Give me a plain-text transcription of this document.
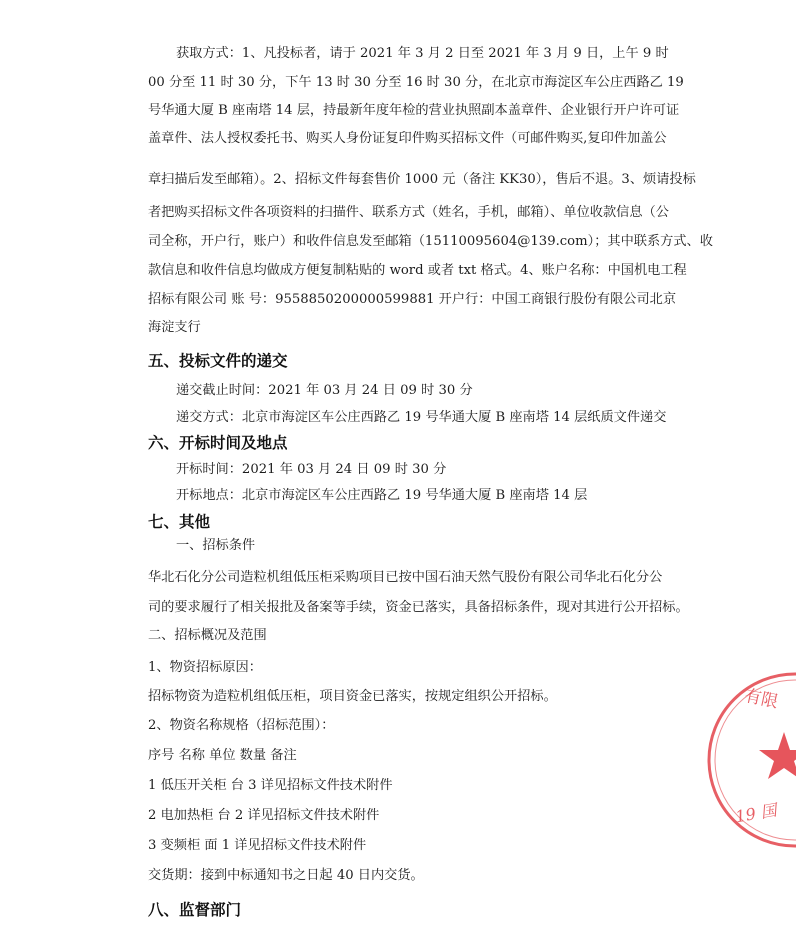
获取方式：1、凡投标者，请于 2021 年 3 月 2 日至 2021 年 3 月 9 日，上午 9 时
00 分至 11 时 30 分，下午 13 时 30 分至 16 时 30 分，在北京市海淀区车公庄西路乙 19
号华通大厦 B 座南塔 14 层，持最新年度年检的营业执照副本盖章件、企业银行开户许可证
盖章件、法人授权委托书、购买人身份证复印件购买招标文件（可邮件购买,复印件加盖公
章扫描后发至邮箱）。2、招标文件每套售价 1000 元（备注 KK30），售后不退。3、烦请投标
者把购买招标文件各项资料的扫描件、联系方式（姓名，手机，邮箱）、单位收款信息（公
司全称，开户行，账户）和收件信息发至邮箱（15110095604@139.com）；其中联系方式、收
款信息和收件信息均做成方便复制粘贴的 word 或者 txt 格式。4、账户名称：中国机电工程
招标有限公司 账 号：9558850200000599881 开户行：中国工商银行股份有限公司北京
海淀支行
五、投标文件的递交
递交截止时间：2021 年 03 月 24 日 09 时 30 分
递交方式：北京市海淀区车公庄西路乙 19 号华通大厦 B 座南塔 14 层纸质文件递交
六、开标时间及地点
开标时间：2021 年 03 月 24 日 09 时 30 分
开标地点：北京市海淀区车公庄西路乙 19 号华通大厦 B 座南塔 14 层
七、其他
一、招标条件
华北石化分公司造粒机组低压柜采购项目已按中国石油天然气股份有限公司华北石化分公
司的要求履行了相关报批及备案等手续，资金已落实，具备招标条件，现对其进行公开招标。
二、招标概况及范围
1、物资招标原因：
招标物资为造粒机组低压柜，项目资金已落实，按规定组织公开招标。
2、物资名称规格（招标范围）：
序号 名称 单位 数量 备注
1 低压开关柜 台 3 详见招标文件技术附件
2 电加热柜 台 2 详见招标文件技术附件
3 变频柜 面 1 详见招标文件技术附件
交货期：接到中标通知书之日起 40 日内交货。
八、监督部门
有限
19 国
